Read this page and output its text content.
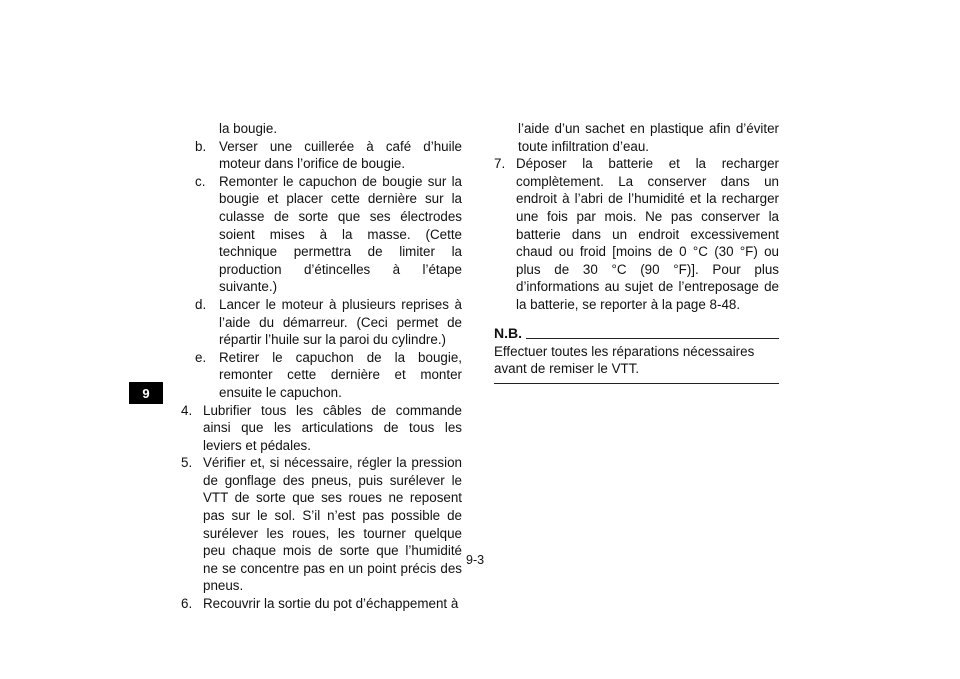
9
la bougie.
b. Verser une cuillerée à café d’huile moteur dans l’orifice de bougie.
c.	Remonter le capuchon de bougie sur la bougie et placer cette dernière sur la culasse de sorte que ses électrodes soient mises à la masse. (Cette technique permettra de limiter la production d’étincelles à l’étape suivante.)
d. Lancer le moteur à plusieurs reprises à l’aide du démarreur. (Ceci permet de répartir l’huile sur la paroi du cylindre.)
e. Retirer le capuchon de la bougie, remonter cette dernière et monter ensuite le capuchon.
4. Lubrifier tous les câbles de commande ainsi que les articulations de tous les leviers et pédales.
5. Vérifier et, si nécessaire, régler la pression de gonflage des pneus, puis surélever le VTT de sorte que ses roues ne reposent pas sur le sol. S’il n’est pas possible de surélever les roues, les tourner quelque peu chaque mois de sorte que l’humidité ne se concentre pas en un point précis des pneus.
6. Recouvrir la sortie du pot d’échappement à
l’aide d’un sachet en plastique afin d’éviter toute infiltration d’eau.
7. Déposer la batterie et la recharger complètement. La conserver dans un endroit à l’abri de l’humidité et la recharger une fois par mois. Ne pas conserver la batterie dans un endroit excessivement chaud ou froid [moins de 0 °C (30 °F) ou plus de 30 °C (90 °F)]. Pour plus d’informations au sujet de l’entreposage de la batterie, se reporter à la page 8-48.
N.B.
Effectuer toutes les réparations nécessaires avant de remiser le VTT.
9-3
